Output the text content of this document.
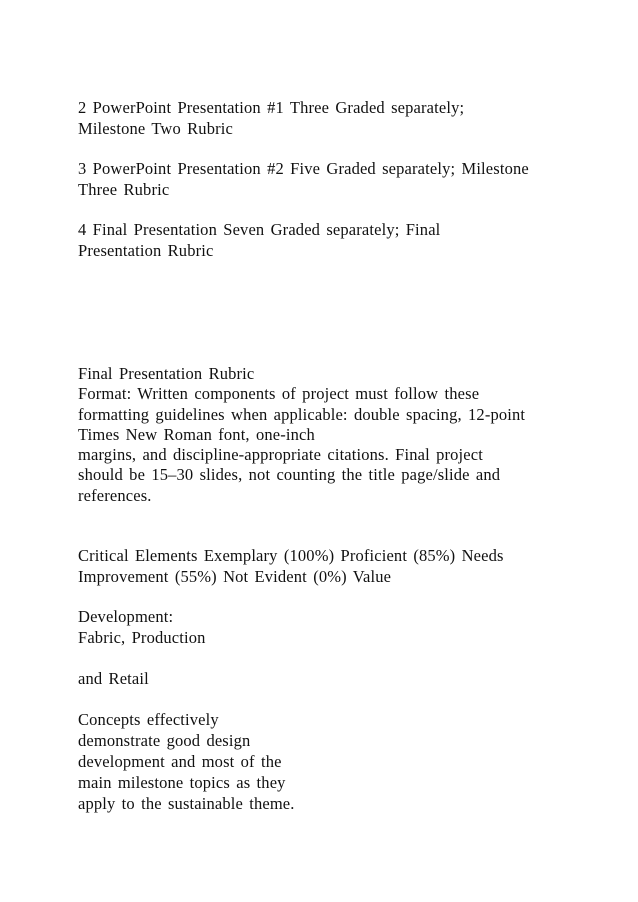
2 PowerPoint Presentation #1 Three Graded separately;
Milestone Two Rubric
3 PowerPoint Presentation #2 Five Graded separately; Milestone
Three Rubric
4 Final Presentation Seven Graded separately; Final
Presentation Rubric
Final Presentation Rubric
Format: Written components of project must follow these
formatting guidelines when applicable: double spacing, 12-point
Times New Roman font, one-inch
margins, and discipline-appropriate citations. Final project
should be 15–30 slides, not counting the title page/slide and
references.
Critical Elements Exemplary (100%) Proficient (85%) Needs
Improvement (55%) Not Evident (0%) Value
Development:
Fabric, Production
and Retail
Concepts effectively
demonstrate good design
development and most of the
main milestone topics as they
apply to the sustainable theme.
